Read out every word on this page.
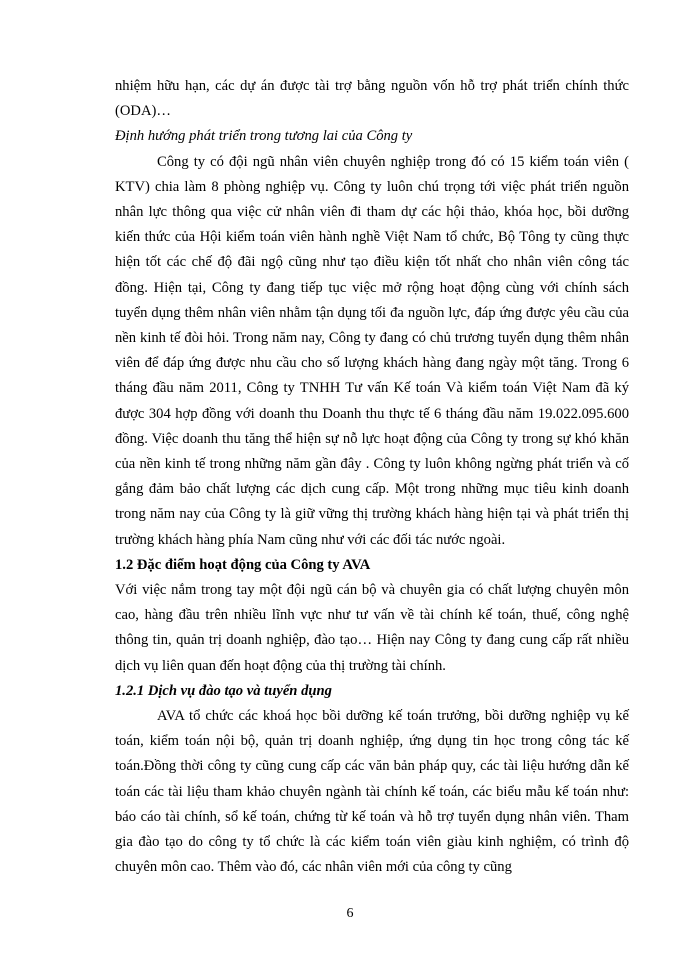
nhiệm hữu hạn, các dự án được tài trợ bằng nguồn vốn hỗ trợ phát triển chính thức (ODA)…

Định hướng phát triển trong tương lai của Công ty

Công ty có đội ngũ nhân viên chuyên nghiệp trong đó có 15 kiểm toán viên ( KTV) chia làm 8 phòng nghiệp vụ. Công ty luôn chú trọng tới việc phát triển nguồn nhân lực thông qua việc cử nhân viên đi tham dự các hội thảo, khóa học, bồi dưỡng kiến thức của Hội kiểm toán viên hành nghề Việt Nam tổ chức, Bộ Tông ty cũng thực hiện tốt các chế độ đãi ngộ cũng như tạo điều kiện tốt nhất cho nhân viên công tác đồng. Hiện tại, Công ty đang tiếp tục việc mở rộng hoạt động cùng với chính sách tuyển dụng thêm nhân viên nhằm tận dụng tối đa nguồn lực, đáp ứng được yêu cầu của nền kinh tế đòi hỏi. Trong năm nay, Công ty đang có chủ trương tuyển dụng thêm nhân viên để đáp ứng được nhu cầu cho số lượng khách hàng đang ngày một tăng. Trong 6 tháng đầu năm 2011, Công ty TNHH Tư vấn Kế toán Và kiểm toán Việt Nam đã ký được 304 hợp đồng với doanh thu Doanh thu thực tế 6 tháng đầu năm 19.022.095.600 đồng. Việc doanh thu tăng thể hiện sự nỗ lực hoạt động của Công ty trong sự khó khăn của nền kinh tế trong những năm gần đây . Công ty luôn không ngừng phát triển và cố gắng đảm bảo chất lượng các dịch cung cấp. Một trong những mục tiêu kinh doanh trong năm nay của Công ty là giữ vững thị trường khách hàng hiện tại và phát triển thị trường khách hàng phía Nam cũng như với các đối tác nước ngoài.

1.2 Đặc điểm hoạt động của Công ty AVA

Với việc nắm trong tay một đội ngũ cán bộ và chuyên gia có chất lượng chuyên môn cao, hàng đầu trên nhiều lĩnh vực như tư vấn về tài chính kế toán, thuế, công nghệ thông tin, quản trị doanh nghiệp, đào tạo… Hiện nay Công ty đang cung cấp rất nhiều dịch vụ liên quan đến hoạt động của thị trường tài chính.

1.2.1 Dịch vụ đào tạo và tuyển dụng

AVA tổ chức các khoá học bồi dưỡng kế toán trưởng, bồi dưỡng nghiệp vụ kế toán, kiểm toán nội bộ, quản trị doanh nghiệp, ứng dụng tin học trong công tác kế toán.Đồng thời công ty cũng cung cấp các văn bản pháp quy, các tài liệu hướng dẫn kế toán các tài liệu tham khảo chuyên ngành tài chính kế toán, các biểu mẫu kế toán như: báo cáo tài chính, sổ kế toán, chứng từ kế toán và hỗ trợ tuyển dụng nhân viên. Tham gia đào tạo do công ty tổ chức là các kiểm toán viên giàu kinh nghiệm, có trình độ chuyên môn cao. Thêm vào đó, các nhân viên mới của công ty cũng

6
